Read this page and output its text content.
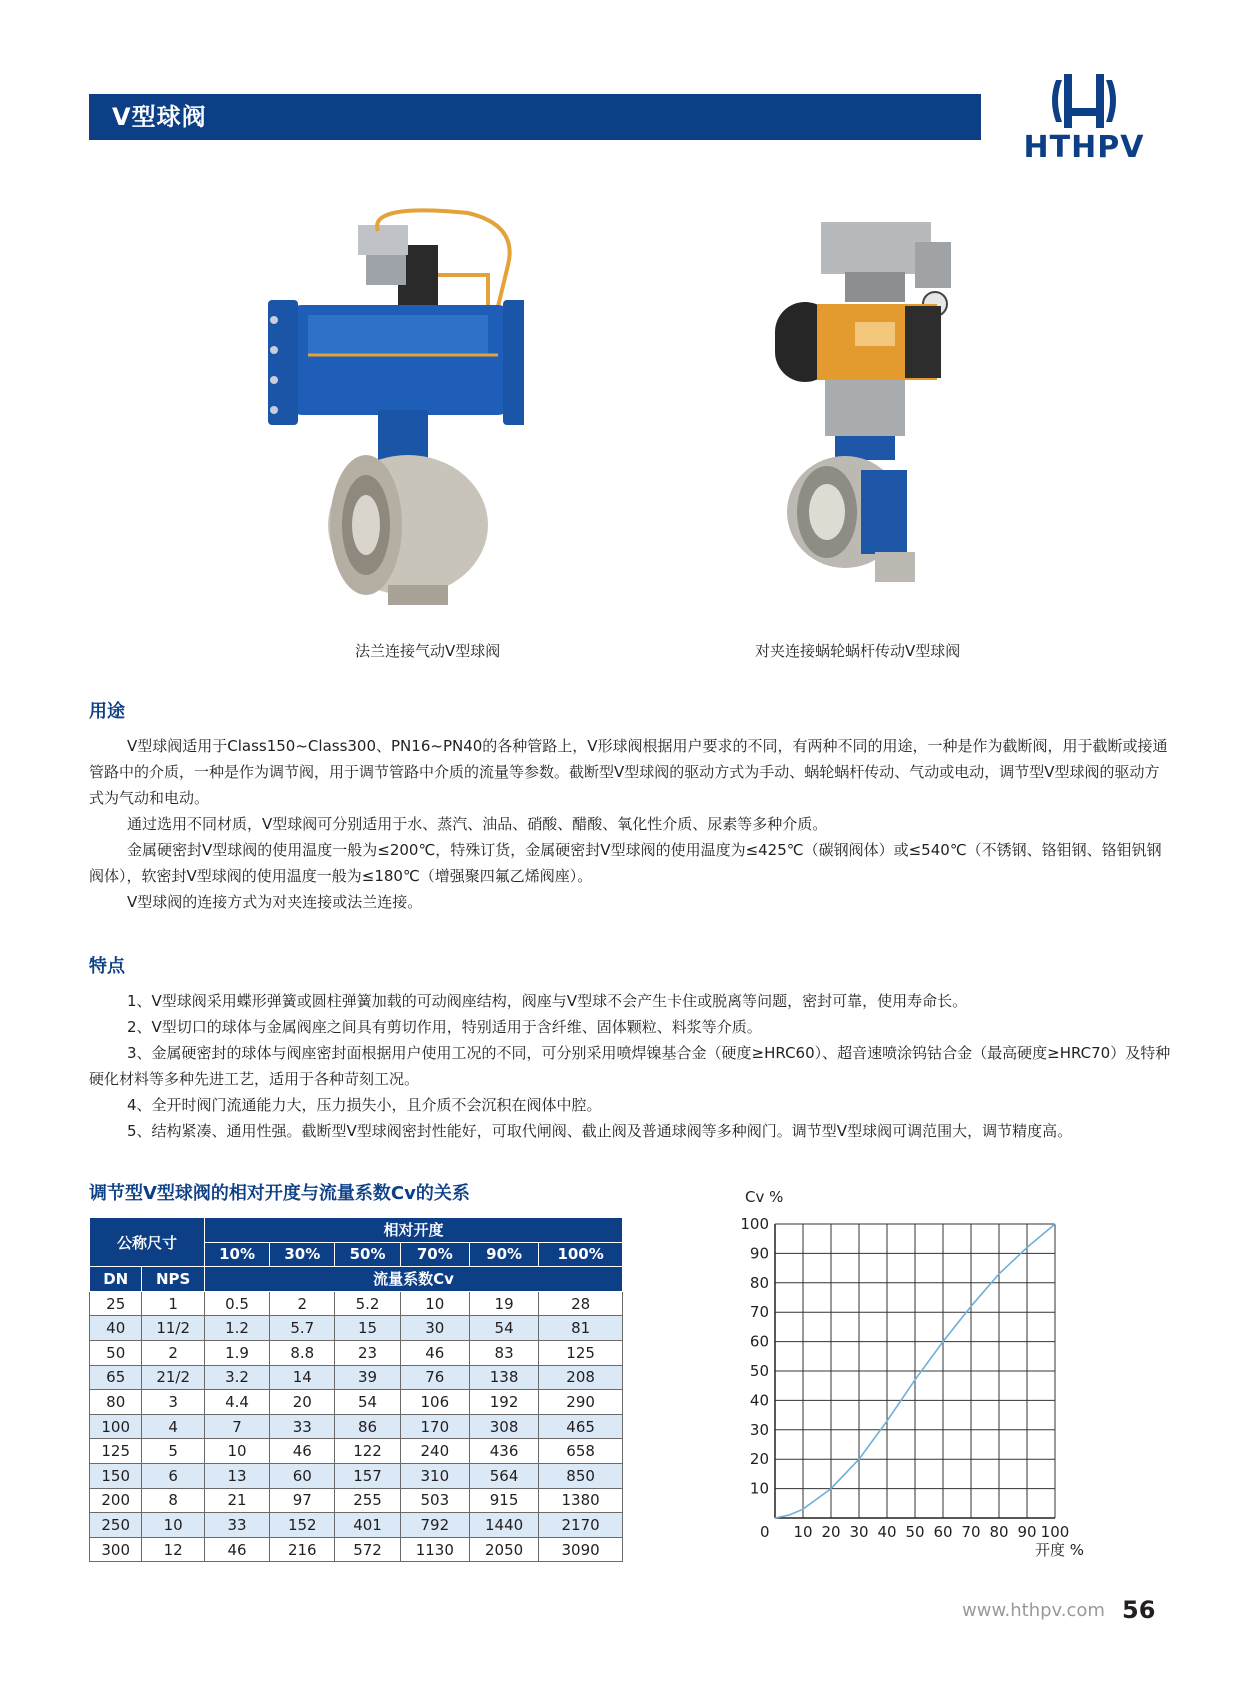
V型球阀
HTHPV
法兰连接气动V型球阀	对夹连接蜗轮蜗杆传动V型球阀
用途

V型球阀适用于Class150~Class300、PN16~PN40的各种管路上，V形球阀根据用户要求的不同，有两种不同的用途，一种是作为截断阀，用于截断或接通管路中的介质，一种是作为调节阀，用于调节管路中介质的流量等参数。截断型V型球阀的驱动方式为手动、蜗轮蜗杆传动、气动或电动，调节型V型球阀的驱动方式为气动和电动。

通过选用不同材质，V型球阀可分别适用于水、蒸汽、油品、硝酸、醋酸、氧化性介质、尿素等多种介质。

金属硬密封V型球阀的使用温度一般为≤200℃，特殊订货，金属硬密封V型球阀的使用温度为≤425℃（碳钢阀体）或≤540℃（不锈钢、铬钼钢、铬钼钒钢阀体），软密封V型球阀的使用温度一般为≤180℃（增强聚四氟乙烯阀座）。

V型球阀的连接方式为对夹连接或法兰连接。

特点

1、V型球阀采用蝶形弹簧或圆柱弹簧加载的可动阀座结构，阀座与V型球不会产生卡住或脱离等问题，密封可靠，使用寿命长。

2、V型切口的球体与金属阀座之间具有剪切作用，特别适用于含纤维、固体颗粒、料浆等介质。

3、金属硬密封的球体与阀座密封面根据用户使用工况的不同，可分别采用喷焊镍基合金（硬度≥HRC60）、超音速喷涂钨钴合金（最高硬度≥HRC70）及特种硬化材料等多种先进工艺，适用于各种苛刻工况。

4、全开时阀门流通能力大，压力损失小，且介质不会沉积在阀体中腔。

5、结构紧凑、通用性强。截断型V型球阀密封性能好，可取代闸阀、截止阀及普通球阀等多种阀门。调节型V型球阀可调范围大，调节精度高。

调节型V型球阀的相对开度与流量系数Cv的关系
公称尺寸		相对开度					
		10%	30%	50%	70%	90%	100%
DN	NPS	流量系数Cv					
25	1	0.5	2	5.2	10	19	28
40	11/2	1.2	5.7	15	30	54	81
50	2	1.9	8.8	23	46	83	125
65	21/2	3.2	14	39	76	138	208
80	3	4.4	20	54	106	192	290
100	4	7	33	86	170	308	465
125	5	10	46	122	240	436	658
150	6	13	60	157	310	564	850
200	8	21	97	255	503	915	1380
250	10	33	152	401	792	1440	2170
300	12	46	216	572	1130	2050	3090
10 20 30 40 50 60 70 80 90 100
10
20
30
40
50
60
70
80
90
100
Cv %
开度 %
0
www.hthpv.com 56
